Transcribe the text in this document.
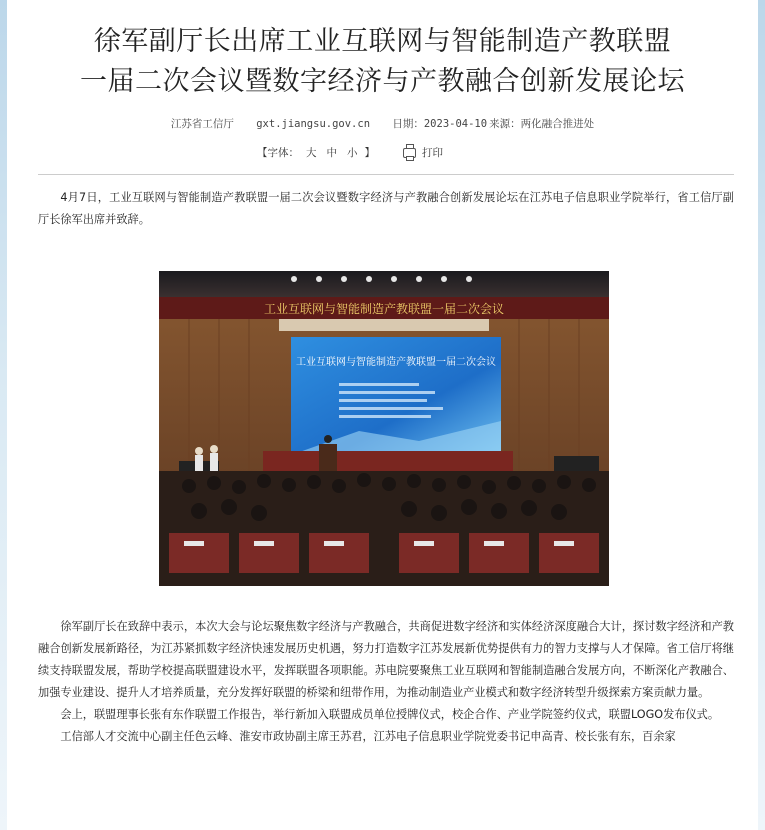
徐军副厅长出席工业互联网与智能制造产教联盟
一届二次会议暨数字经济与产教融合创新发展论坛
江苏省工信厅 gxt.jiangsu.gov.cn 日期：2023-04-10 来源：两化融合推进处
【字体： 大 中 小 】	打印

4月7日，工业互联网与智能制造产教联盟一届二次会议暨数字经济与产教融合创新发展论坛在江苏电子信息职业学院举行，省工信厅副厅长徐军出席并致辞。

工业互联网与智能制造产教联盟一届二次会议
工业互联网与智能制造产教联盟一届二次会议

徐军副厅长在致辞中表示，本次大会与论坛聚焦数字经济与产教融合，共商促进数字经济和实体经济深度融合大计，探讨数字经济和产教融合创新发展新路径，为江苏紧抓数字经济快速发展历史机遇，努力打造数字江苏发展新优势提供有力的智力支撑与人才保障。省工信厅将继续支持联盟发展，帮助学校提高联盟建设水平，发挥联盟各项职能。苏电院要聚焦工业互联网和智能制造融合发展方向，不断深化产教融合、加强专业建设、提升人才培养质量，充分发挥好联盟的桥梁和纽带作用，为推动制造业产业模式和数字经济转型升级探索方案贡献力量。

会上，联盟理事长张有东作联盟工作报告，举行新加入联盟成员单位授牌仪式，校企合作、产业学院签约仪式，联盟LOGO发布仪式。

工信部人才交流中心副主任色云峰、淮安市政协副主席王苏君，江苏电子信息职业学院党委书记申高青、校长张有东，百余家
